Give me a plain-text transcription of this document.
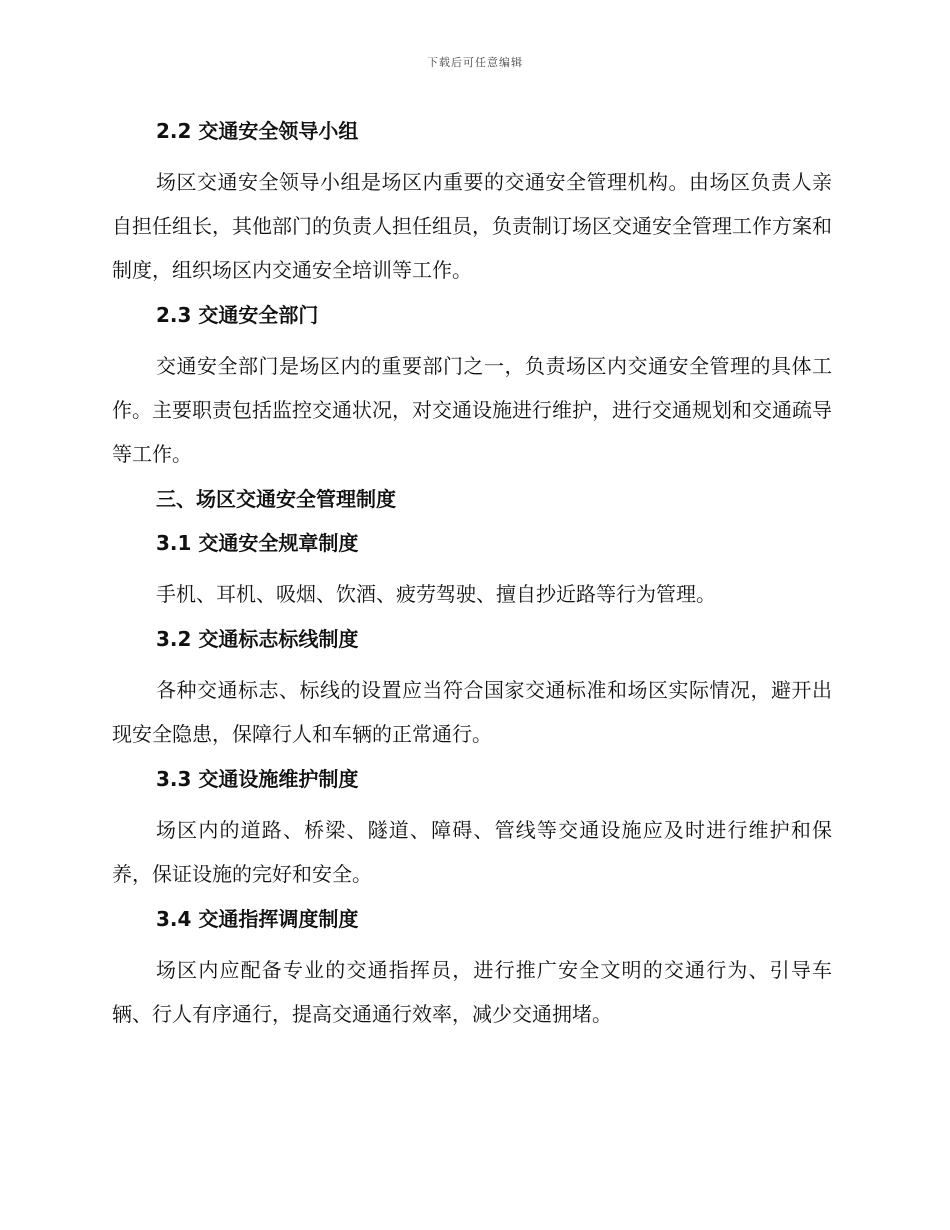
下载后可任意编辑
2.2 交通安全领导小组

场区交通安全领导小组是场区内重要的交通安全管理机构。由场区负责人亲自担任组长，其他部门的负责人担任组员，负责制订场区交通安全管理工作方案和制度，组织场区内交通安全培训等工作。

2.3 交通安全部门

交通安全部门是场区内的重要部门之一，负责场区内交通安全管理的具体工作。主要职责包括监控交通状况，对交通设施进行维护，进行交通规划和交通疏导等工作。

三、场区交通安全管理制度
3.1 交通安全规章制度

手机、耳机、吸烟、饮酒、疲劳驾驶、擅自抄近路等行为管理。

3.2 交通标志标线制度

各种交通标志、标线的设置应当符合国家交通标准和场区实际情况，避开出现安全隐患，保障行人和车辆的正常通行。

3.3 交通设施维护制度

场区内的道路、桥梁、隧道、障碍、管线等交通设施应及时进行维护和保养，保证设施的完好和安全。

3.4 交通指挥调度制度

场区内应配备专业的交通指挥员，进行推广安全文明的交通行为、引导车辆、行人有序通行，提高交通通行效率，减少交通拥堵。
